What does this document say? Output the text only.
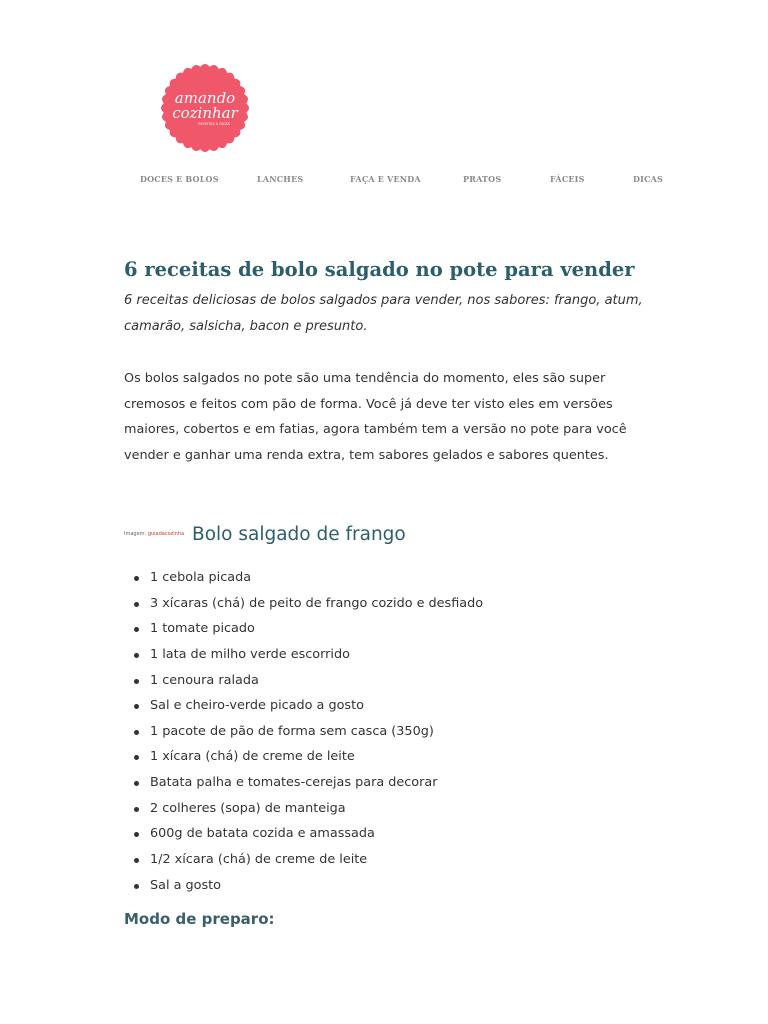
amando
cozinhar
RECEITAS & DICAS
DOCES E BOLOS	LANCHES	FAÇA E VENDA	PRATOS	FÁCEIS	DICAS
6 receitas de bolo salgado no pote para vender

6 receitas deliciosas de bolos salgados para vender, nos sabores: frango, atum, camarão, salsicha, bacon e presunto.

Os bolos salgados no pote são uma tendência do momento, eles são super cremosos e feitos com pão de forma. Você já deve ter visto eles em versões maiores, cobertos e em fatias, agora também tem a versão no pote para você vender e ganhar uma renda extra, tem sabores gelados e sabores quentes.

Imagem: guiadacozinha Bolo salgado de frango
1 cebola picada
3 xícaras (chá) de peito de frango cozido e desfiado
1 tomate picado
1 lata de milho verde escorrido
1 cenoura ralada
Sal e cheiro-verde picado a gosto
1 pacote de pão de forma sem casca (350g)
1 xícara (chá) de creme de leite
Batata palha e tomates-cerejas para decorar
2 colheres (sopa) de manteiga
600g de batata cozida e amassada
1/2 xícara (chá) de creme de leite
Sal a gosto
Modo de preparo:
